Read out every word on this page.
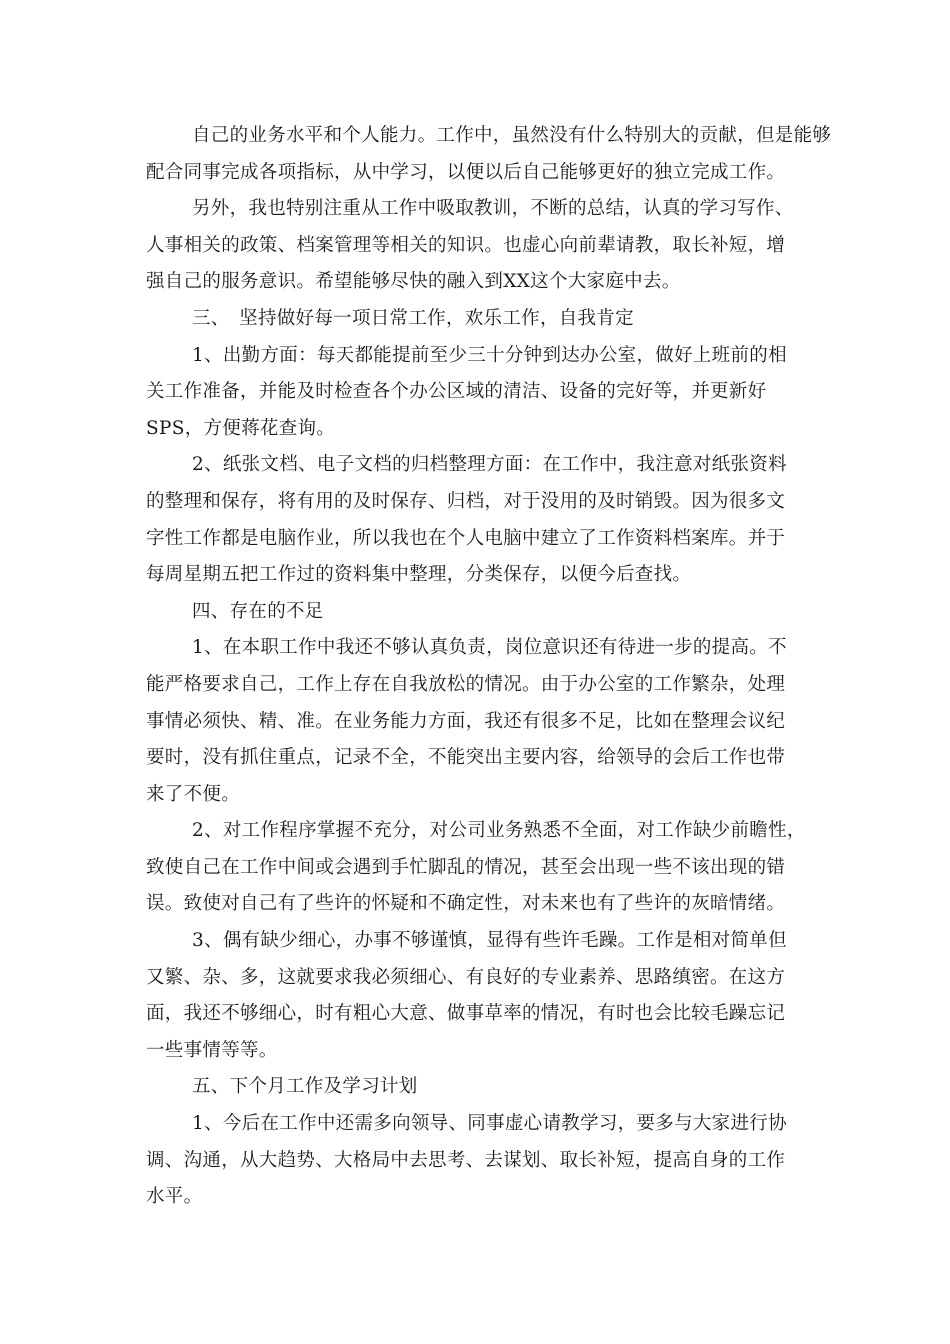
自己的业务水平和个人能力。工作中，虽然没有什么特别大的贡献，但是能够
配合同事完成各项指标，从中学习，以便以后自己能够更好的独立完成工作。
另外，我也特别注重从工作中吸取教训，不断的总结，认真的学习写作、
人事相关的政策、档案管理等相关的知识。也虚心向前辈请教，取长补短，增
强自己的服务意识。希望能够尽快的融入到XX这个大家庭中去。
三、　坚持做好每一项日常工作，欢乐工作，自我肯定
1、出勤方面：每天都能提前至少三十分钟到达办公室，做好上班前的相
关工作准备，并能及时检查各个办公区域的清洁、设备的完好等，并更新好
SPS，方便蒋花查询。
2、纸张文档、电子文档的归档整理方面：在工作中，我注意对纸张资料
的整理和保存，将有用的及时保存、归档，对于没用的及时销毁。因为很多文
字性工作都是电脑作业，所以我也在个人电脑中建立了工作资料档案库。并于
每周星期五把工作过的资料集中整理，分类保存，以便今后查找。
四、存在的不足
1、在本职工作中我还不够认真负责，岗位意识还有待进一步的提高。不
能严格要求自己，工作上存在自我放松的情况。由于办公室的工作繁杂，处理
事情必须快、精、准。在业务能力方面，我还有很多不足，比如在整理会议纪
要时，没有抓住重点，记录不全，不能突出主要内容，给领导的会后工作也带
来了不便。
2、对工作程序掌握不充分，对公司业务熟悉不全面，对工作缺少前瞻性，
致使自己在工作中间或会遇到手忙脚乱的情况，甚至会出现一些不该出现的错
误。致使对自己有了些许的怀疑和不确定性，对未来也有了些许的灰暗情绪。
3、偶有缺少细心，办事不够谨慎，显得有些许毛躁。工作是相对简单但
又繁、杂、多，这就要求我必须细心、有良好的专业素养、思路缜密。在这方
面，我还不够细心，时有粗心大意、做事草率的情况，有时也会比较毛躁忘记
一些事情等等。
五、下个月工作及学习计划
1、今后在工作中还需多向领导、同事虚心请教学习，要多与大家进行协
调、沟通，从大趋势、大格局中去思考、去谋划、取长补短，提高自身的工作
水平。
